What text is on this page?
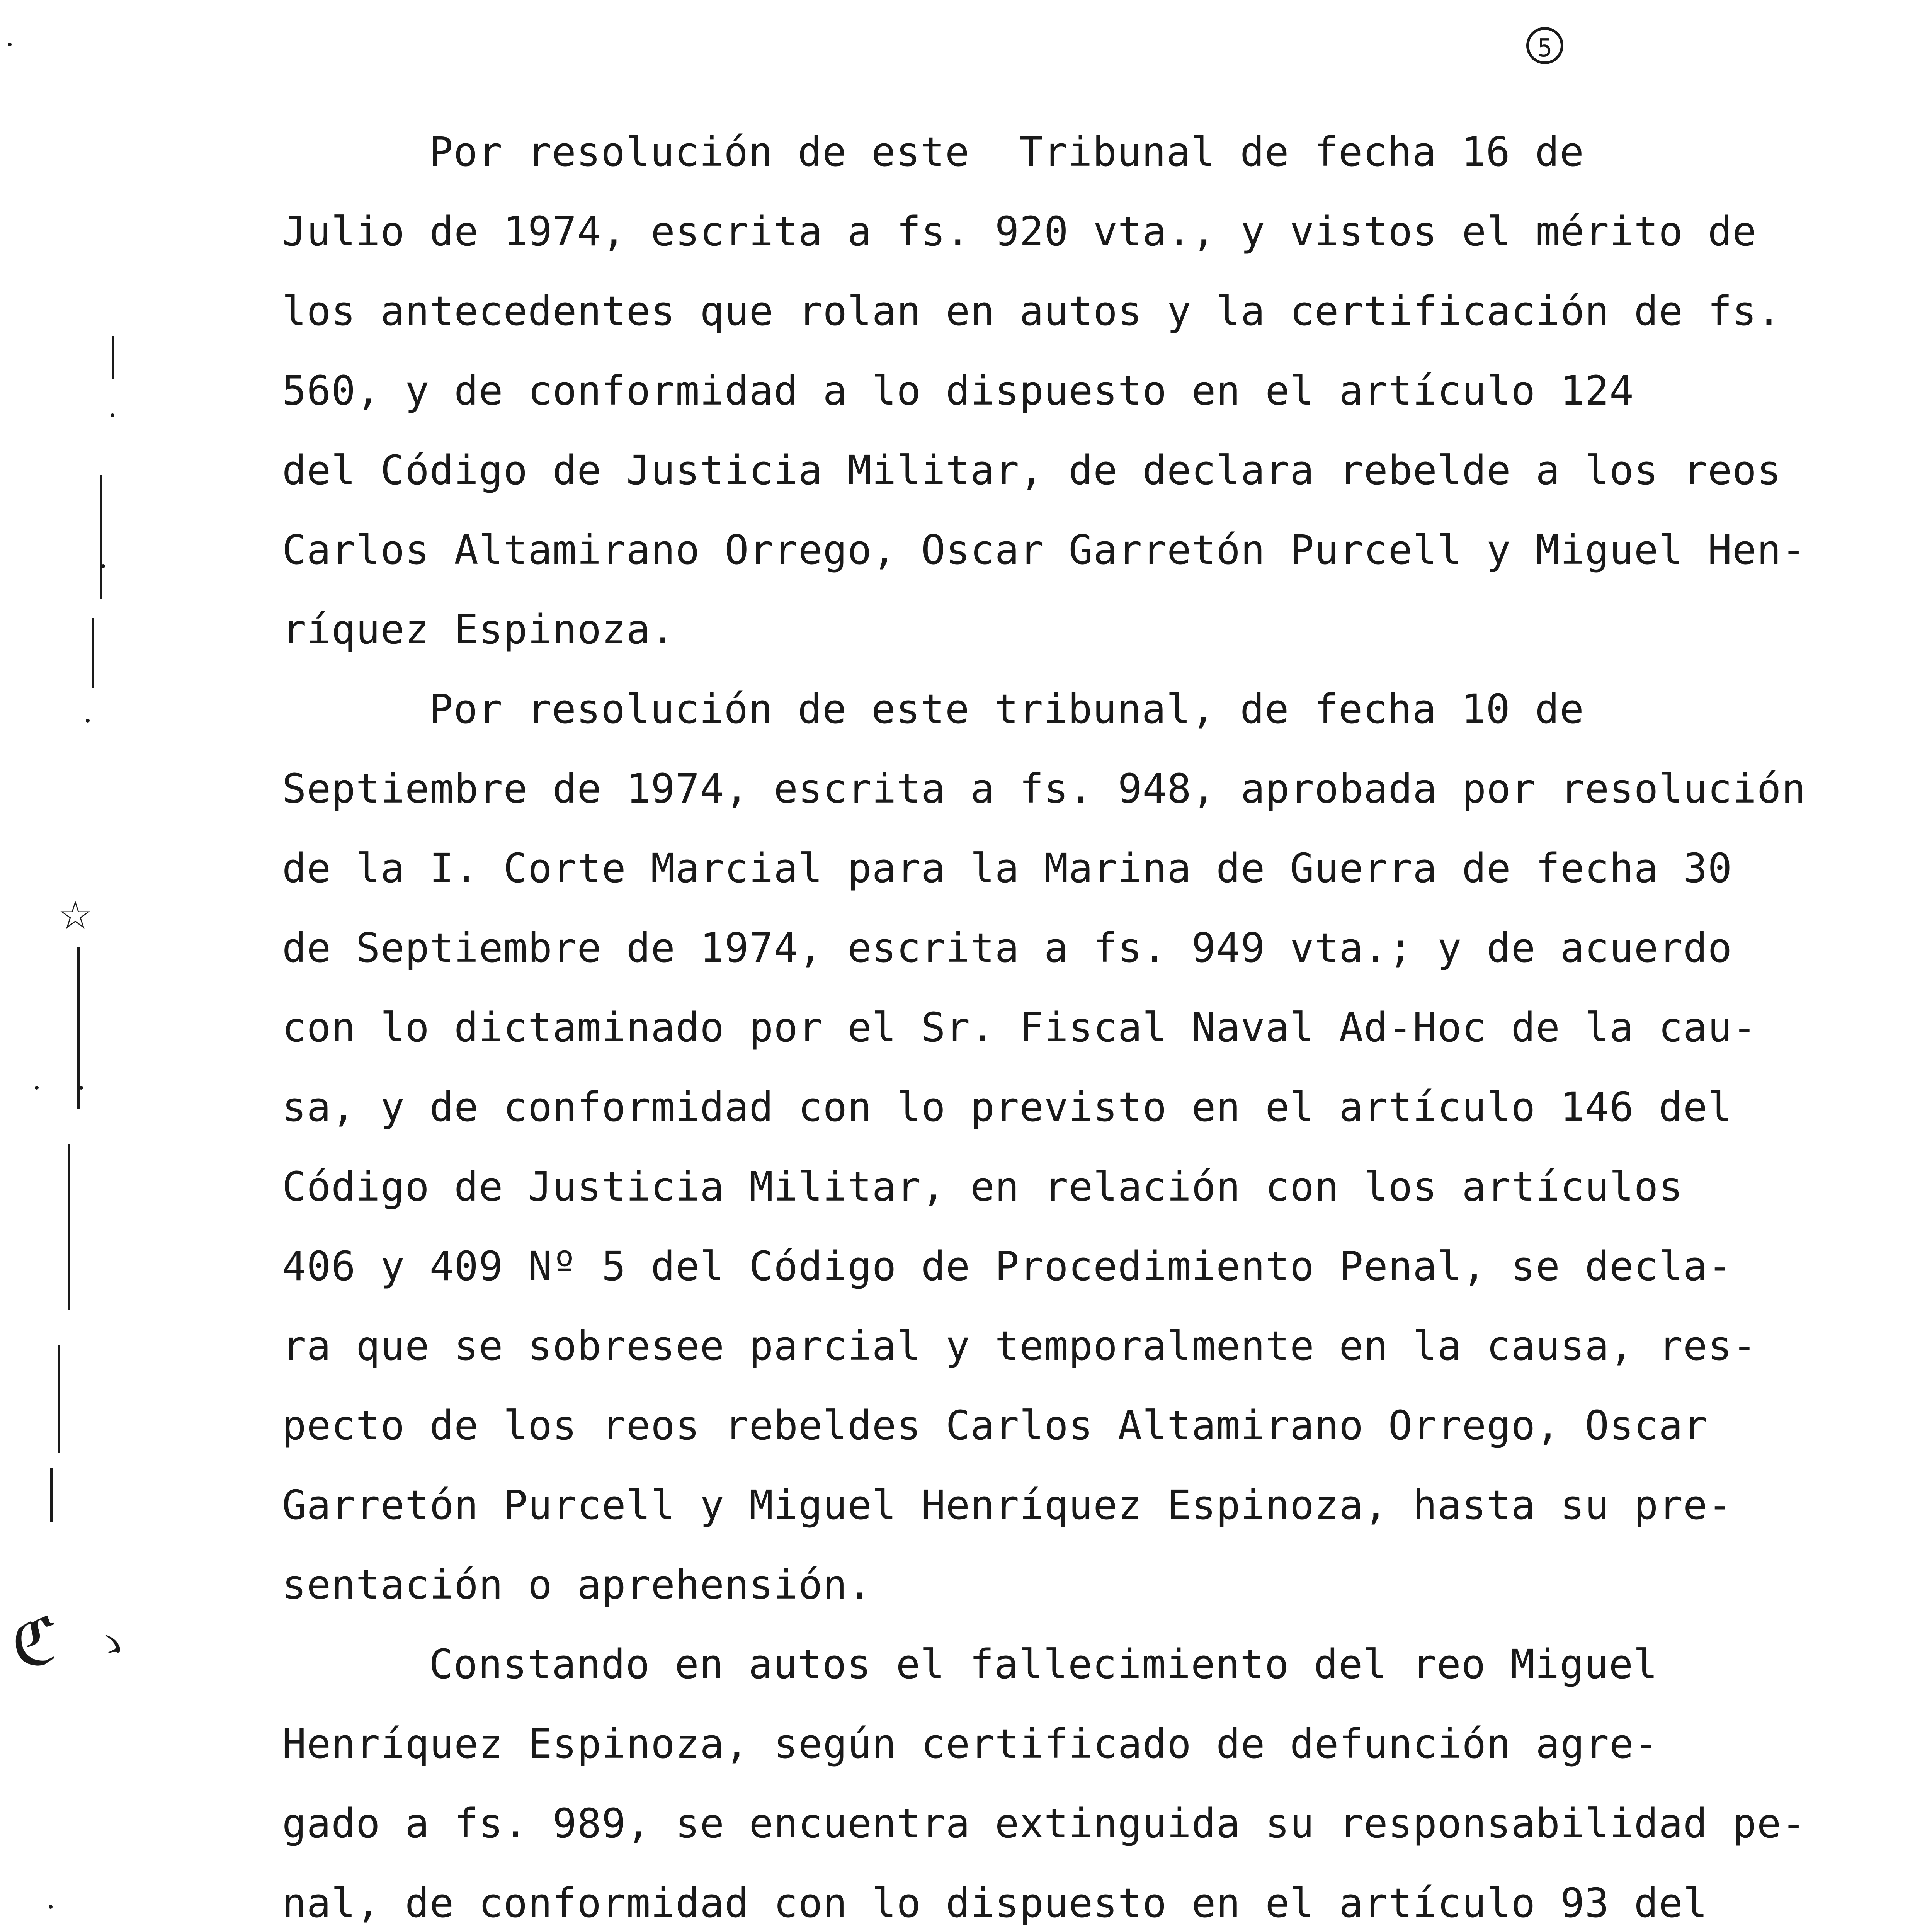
5
☆
ℭ ゝ
Por resolución de este  Tribunal de fecha 16 de
Julio de 1974, escrita a fs. 920 vta., y vistos el mérito de
los antecedentes que rolan en autos y la certificación de fs.
560, y de conformidad a lo dispuesto en el artículo 124
del Código de Justicia Militar, de declara rebelde a los reos
Carlos Altamirano Orrego, Oscar Garretón Purcell y Miguel Hen-
ríquez Espinoza.
Por resolución de este tribunal, de fecha 10 de
Septiembre de 1974, escrita a fs. 948, aprobada por resolución
de la I. Corte Marcial para la Marina de Guerra de fecha 30
de Septiembre de 1974, escrita a fs. 949 vta.; y de acuerdo
con lo dictaminado por el Sr. Fiscal Naval Ad-Hoc de la cau-
sa, y de conformidad con lo previsto en el artículo 146 del
Código de Justicia Militar, en relación con los artículos
406 y 409 Nº 5 del Código de Procedimiento Penal, se decla-
ra que se sobresee parcial y temporalmente en la causa, res-
pecto de los reos rebeldes Carlos Altamirano Orrego, Oscar
Garretón Purcell y Miguel Henríquez Espinoza, hasta su pre-
sentación o aprehensión.
Constando en autos el fallecimiento del reo Miguel
Henríquez Espinoza, según certificado de defunción agre-
gado a fs. 989, se encuentra extinguida su responsabilidad pe-
nal, de conformidad con lo dispuesto en el artículo 93 del
